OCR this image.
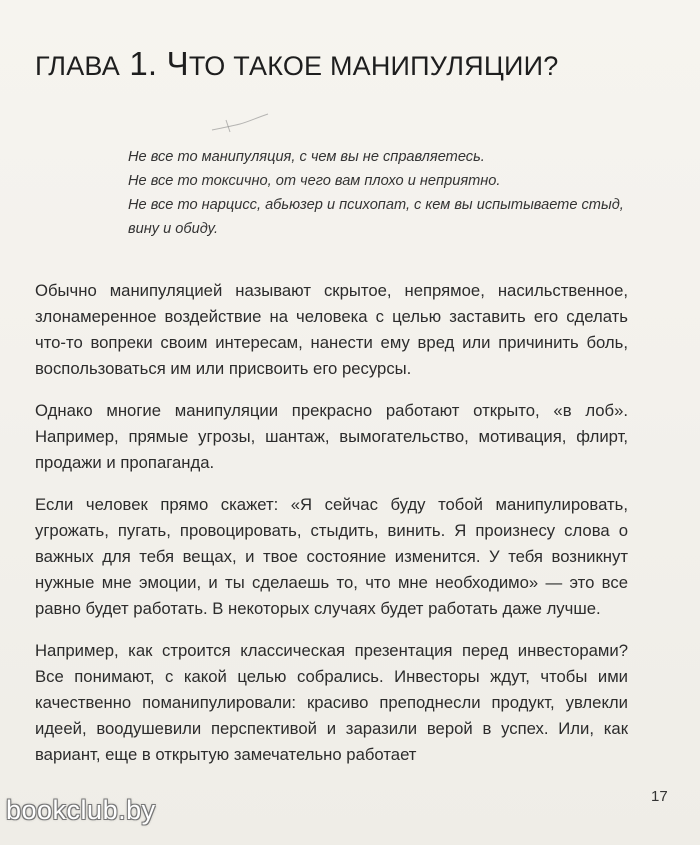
ГЛАВА 1. ЧТО ТАКОЕ МАНИПУЛЯЦИИ?

Не все то манипуляция, с чем вы не справляетесь.

Не все то токсично, от чего вам плохо и неприятно.

Не все то нарцисс, абьюзер и психопат, с кем вы испытываете стыд, вину и обиду.

Обычно манипуляцией называют скрытое, непрямое, насильственное, злонамеренное воздействие на человека с целью заставить его сделать что-то вопреки своим интересам, нанести ему вред или причинить боль, воспользоваться им или присвоить его ресурсы.

Однако многие манипуляции прекрасно работают открыто, «в лоб». Например, прямые угрозы, шантаж, вымогательство, мотивация, флирт, продажи и пропаганда.

Если человек прямо скажет: «Я сейчас буду тобой манипулировать, угрожать, пугать, провоцировать, стыдить, винить. Я произнесу слова о важных для тебя вещах, и твое состояние изменится. У тебя возникнут нужные мне эмоции, и ты сделаешь то, что мне необходимо» — это все равно будет работать. В некоторых случаях будет работать даже лучше.

Например, как строится классическая презентация перед инвесторами? Все понимают, с какой целью собрались. Инвесторы ждут, чтобы ими качественно поманипулировали: красиво преподнесли продукт, увлекли идеей, воодушевили перспективой и заразили верой в успех. Или, как вариант, еще в открытую замечательно работает

17
bookclub.by
